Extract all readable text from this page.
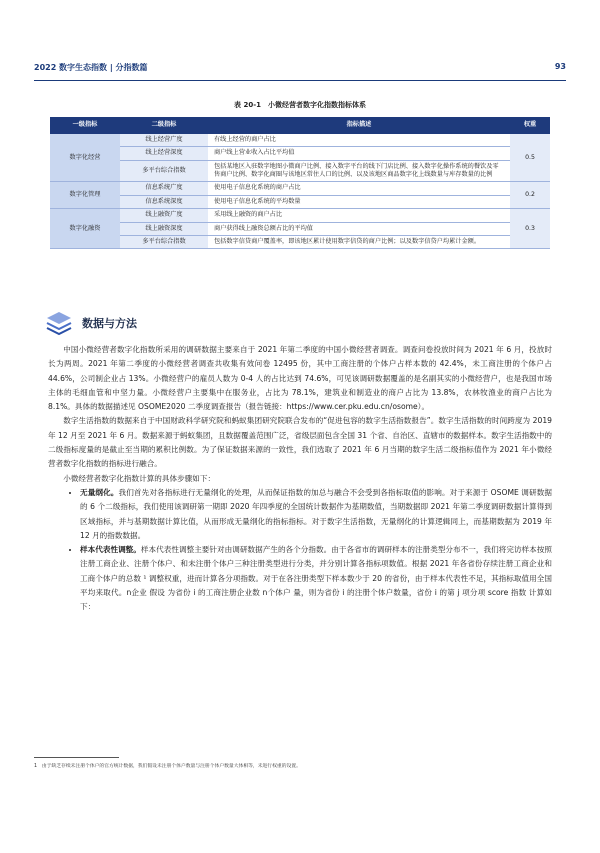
2022 数字生态指数 | 分指数篇	93
表 20-1　小微经营者数字化指数指标体系
一级指标	二级指标	指标描述	权重
数字化经营	线上经营广度	有线上经营的商户占比	0.5
	线上经营深度	商户线上营业收入占比平均值	
	多平台综合指数	包括某地区入驻数字地图小微商户比例、接入数字平台的线下门店比例、接入数字化操作系统的餐饮及零售商户比例、数字化商圈与该地区常住人口的比例、以及该地区商品数字化上线数量与库存数量的比例	
数字化管理	信息系统广度	使用电子信息化系统的商户占比	0.2
	信息系统深度	使用电子信息化系统的平均数量	
数字化融资	线上融资广度	采用线上融资的商户占比	0.3
	线上融资深度	商户获得线上融资总额占比的平均值	
	多平台综合指数	包括数字信贷商户覆盖率，即该地区累计使用数字信贷的商户比例；以及数字信贷户均累计金额。	
数据与方法

中国小微经营者数字化指数所采用的调研数据主要来自于 2021 年第二季度的中国小微经营者调查。调查问卷投放时间为 2021 年 6 月，投放时长为两周。2021 年第二季度的小微经营者调查共收集有效问卷 12495 份，其中工商注册的个体户占样本数的 42.4%，未工商注册的个体户占 44.6%，公司制企业占 13%。小微经营户的雇员人数为 0-4 人的占比达到 74.6%，可见该调研数据覆盖的是名副其实的小微经营户，也是我国市场主体的毛细血管和中坚力量。小微经营户主要集中在服务业，占比为 78.1%，建筑业和制造业的商户占比为 13.8%，农林牧渔业的商户占比为 8.1%。具体的数据描述见 OSOME2020 二季度调查报告（报告链接：https://www.cer.pku.edu.cn/osome）。

数字生活指数的数据来自于中国财政科学研究院和蚂蚁集团研究院联合发布的“促进包容的数字生活指数报告”。数字生活指数的时间跨度为 2019 年 12 月至 2021 年 6 月。数据来源于蚂蚁集团，且数据覆盖范围广泛，省级层面包含全国 31 个省、自治区、直辖市的数据样本。数字生活指数中的二级指标度量的是截止至当期的累积比例数。为了保证数据来源的一致性，我们选取了 2021 年 6 月当期的数字生活二级指标值作为 2021 年小微经营者数字化指数的指标进行融合。

小微经营者数字化指数计算的具体步骤如下：

• 无量纲化。我们首先对各指标进行无量纲化的处理，从而保证指数的加总与融合不会受到各指标取值的影响。对于来源于 OSOME 调研数据的 6 个二级指标，我们使用该调研第一期即 2020 年四季度的全国统计数据作为基期数值，当期数据即 2021 年第二季度调研数据计算得到区域指标，并与基期数据计算比值，从而形成无量纲化的指标指标。对于数字生活指数，无量纲化的计算逻辑同上，而基期数据为 2019 年 12 月的指数数据。
• 样本代表性调整。样本代表性调整主要针对由调研数据产生的各个分指数。由于各省市的调研样本的注册类型分布不一，我们将完访样本按照注册工商企业、注册个体户、和未注册个体户三种注册类型进行分类，并分别计算各指标项数值。根据 2021 年各省份存续注册工商企业和工商个体户的总数 ¹ 调整权重，进而计算各分项指数。对于在各注册类型下样本数少于 20 的省份，由于样本代表性不足，其指标取值用全国平均来取代。n企业 假设 为省份 i 的工商注册企业数 n个体户 量，则为省份 i 的注册个体户数量，省份 i 的第 j 项分项 score 指数 计算如下：
1　由于缺乏存续未注册个体户的官方统计数据，我们假设未注册个体户数量与注册个体户数量大体相等，未进行权重的设置。
